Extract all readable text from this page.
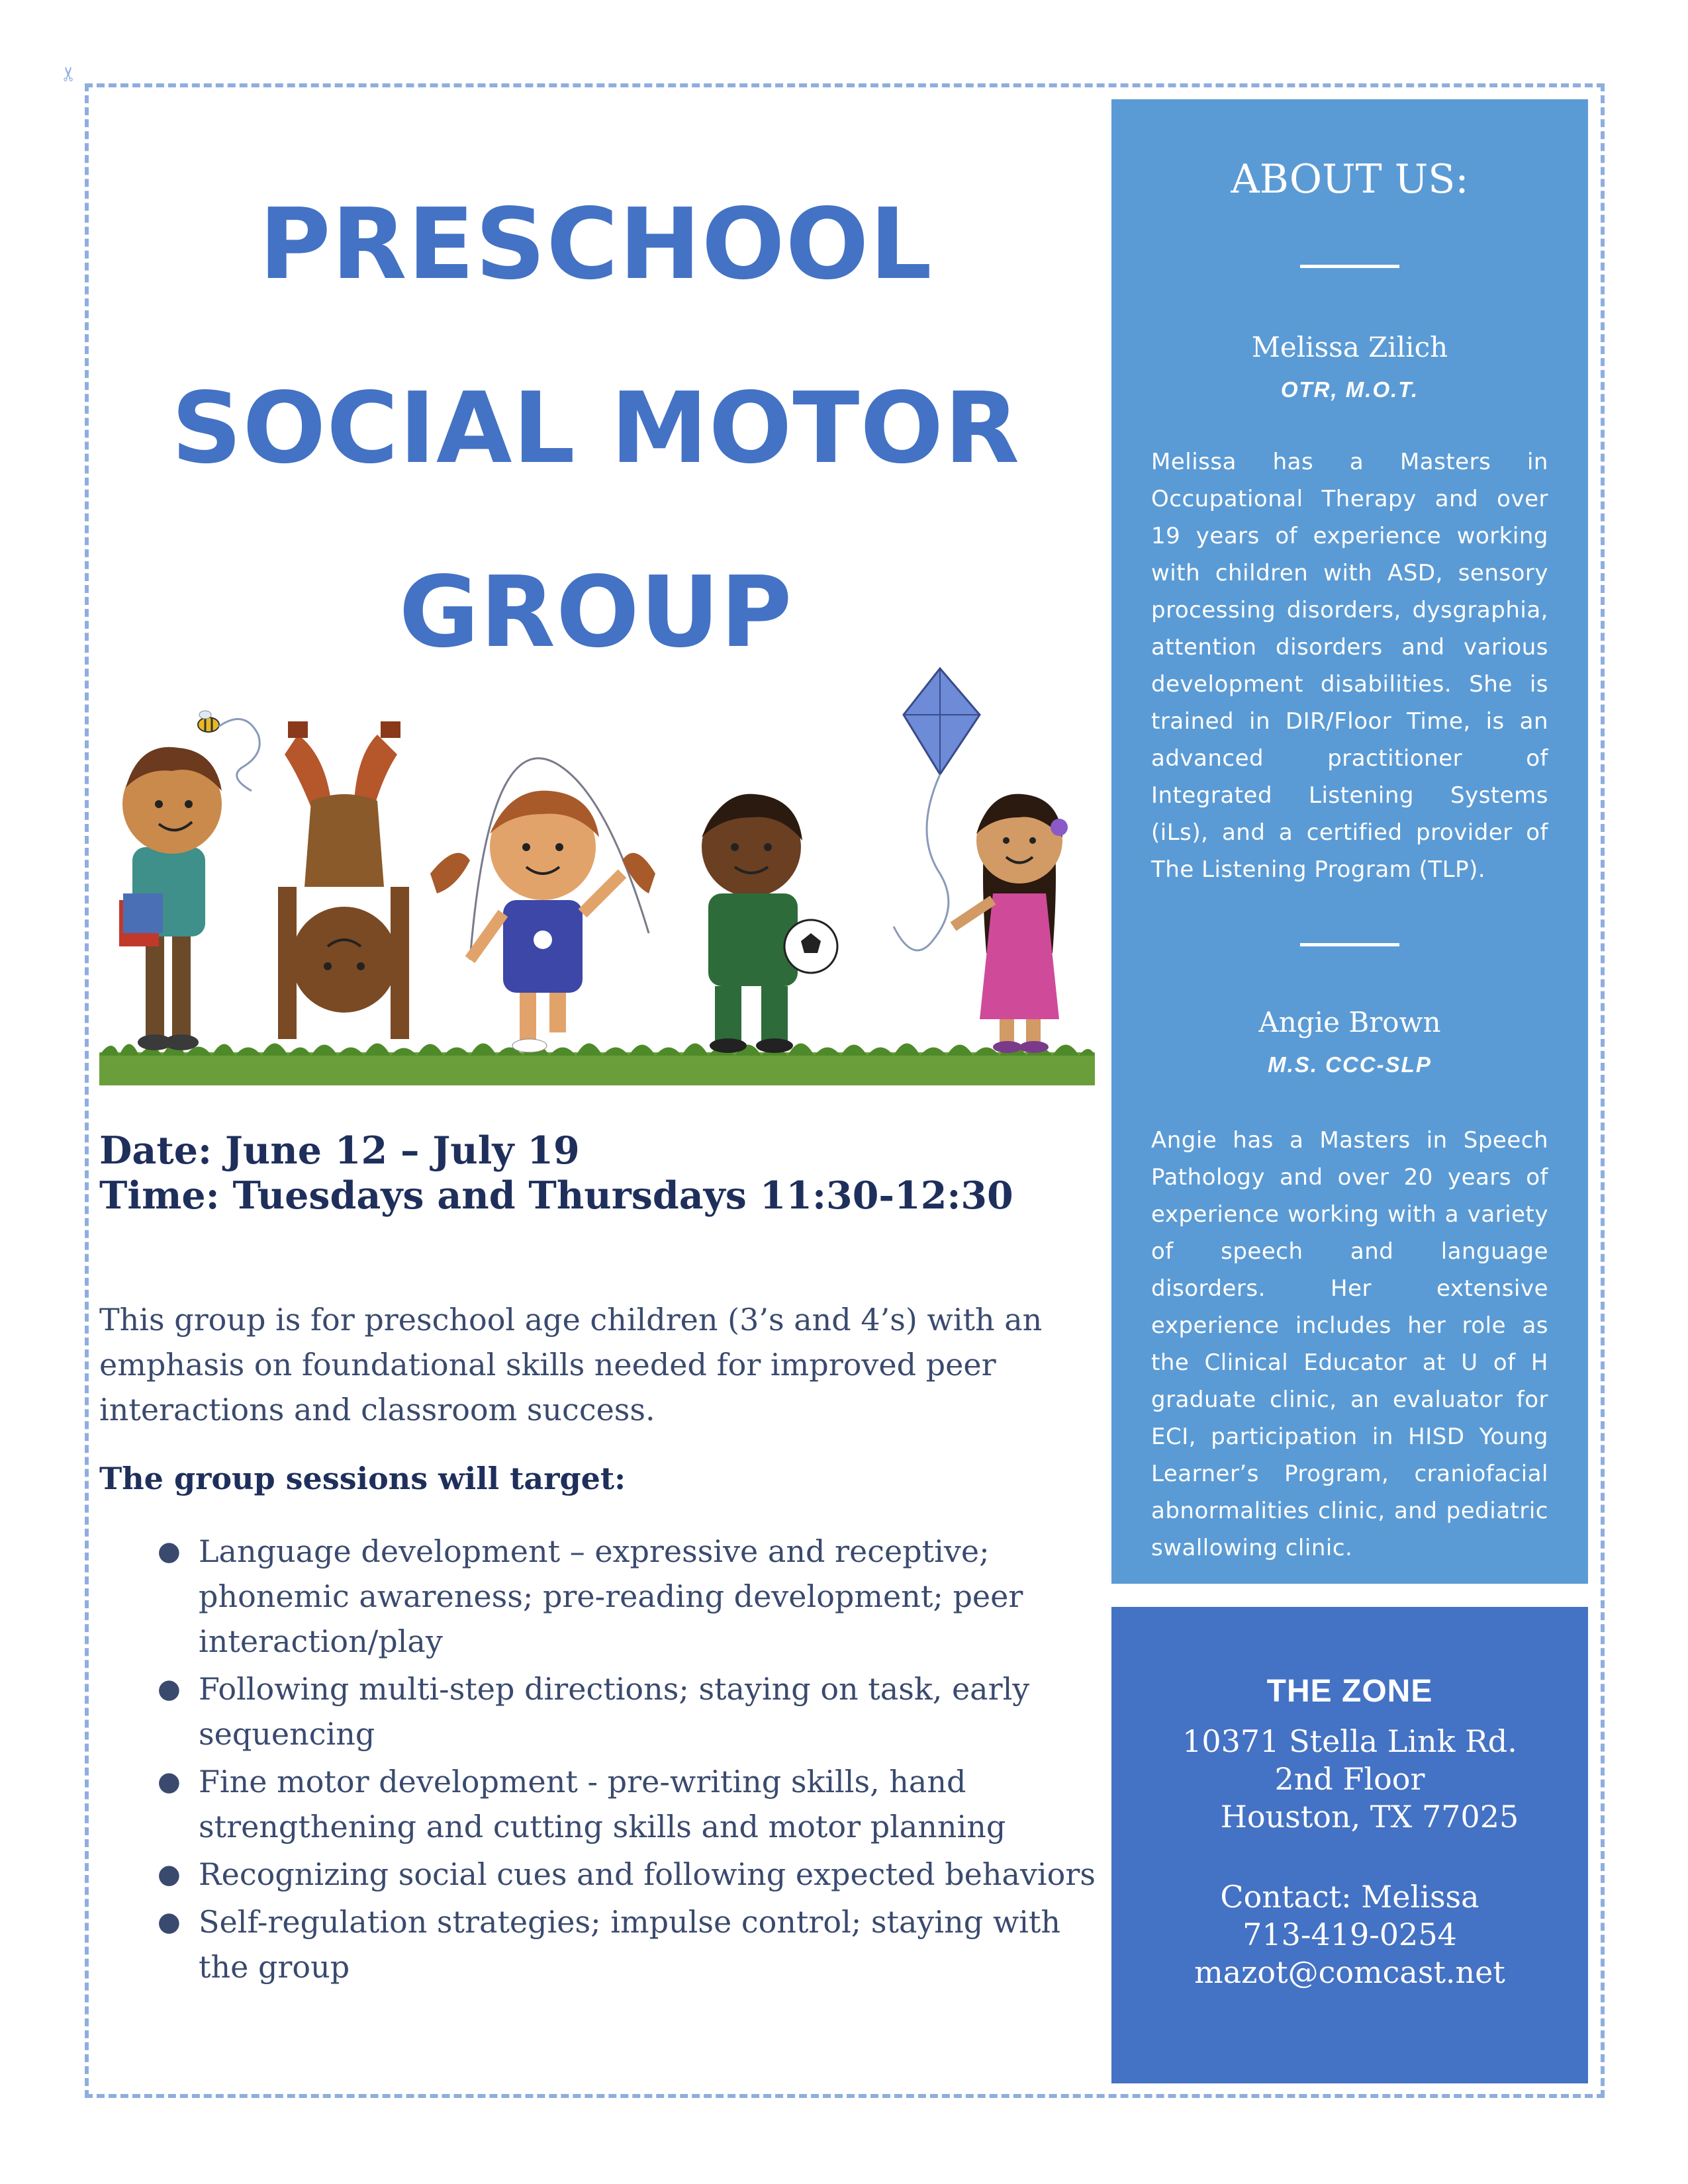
✂
PRESCHOOL
SOCIAL MOTOR
GROUP
Date: June 12 – July 19
Time: Tuesdays and Thursdays 11:30-12:30

This group is for preschool age children (3’s and 4’s) with an emphasis on foundational skills needed for improved peer interactions and classroom success.

The group sessions will target:
● Language development – expressive and receptive; phonemic awareness; pre-reading development; peer interaction/play
● Following multi-step directions; staying on task, early sequencing
● Fine motor development - pre-writing skills, hand strengthening and cutting skills and motor planning
● Recognizing social cues and following expected behaviors
● Self-regulation strategies; impulse control; staying with the group
ABOUT US:
Melissa Zilich
OTR, M.O.T.

Melissa has a Masters in Occupational Therapy and over 19 years of experience working with children with ASD, sensory processing disorders, dysgraphia, attention disorders and various development disabilities. She is trained in DIR/Floor Time, is an advanced practitioner of Integrated Listening Systems (iLs), and a certified provider of The Listening Program (TLP).

Angie Brown
M.S. CCC-SLP

Angie has a Masters in Speech Pathology and over 20 years of experience working with a variety of speech and language disorders. Her extensive experience includes her role as the Clinical Educator at U of H graduate clinic, an evaluator for ECI, participation in HISD Young Learner’s Program, craniofacial abnormalities clinic, and pediatric swallowing clinic.

THE ZONE
10371 Stella Link Rd.
2nd Floor
Houston, TX 77025
Contact: Melissa
713-419-0254
mazot@comcast.net
